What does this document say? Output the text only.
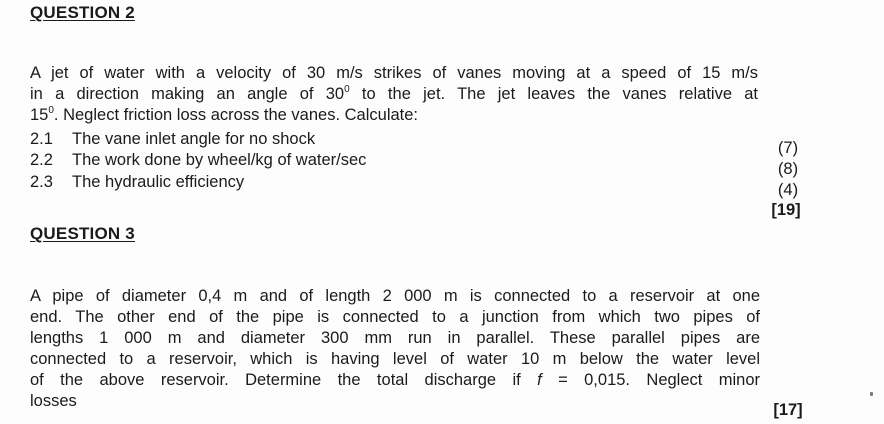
QUESTION 2
A jet of water with a velocity of 30 m/s strikes of vanes moving at a speed of 15 m/s
in a direction making an angle of $30^0$ to the jet. The jet leaves the vanes relative at
$15^0$. Neglect friction loss across the vanes. Calculate:
2.1 The vane inlet angle for no shock
2.2 The work done by wheel/kg of water/sec
2.3 The hydraulic efficiency
(7)
(8)
(4)
[19]
QUESTION 3
A pipe of diameter 0,4 m and of length 2 000 m is connected to a reservoir at one
end. The other end of the pipe is connected to a junction from which two pipes of
lengths 1 000 m and diameter 300 mm run in parallel. These parallel pipes are
connected to a reservoir, which is having level of water 10 m below the water level
of the above reservoir. Determine the total discharge if f = 0,015. Neglect minor
losses	[17]
